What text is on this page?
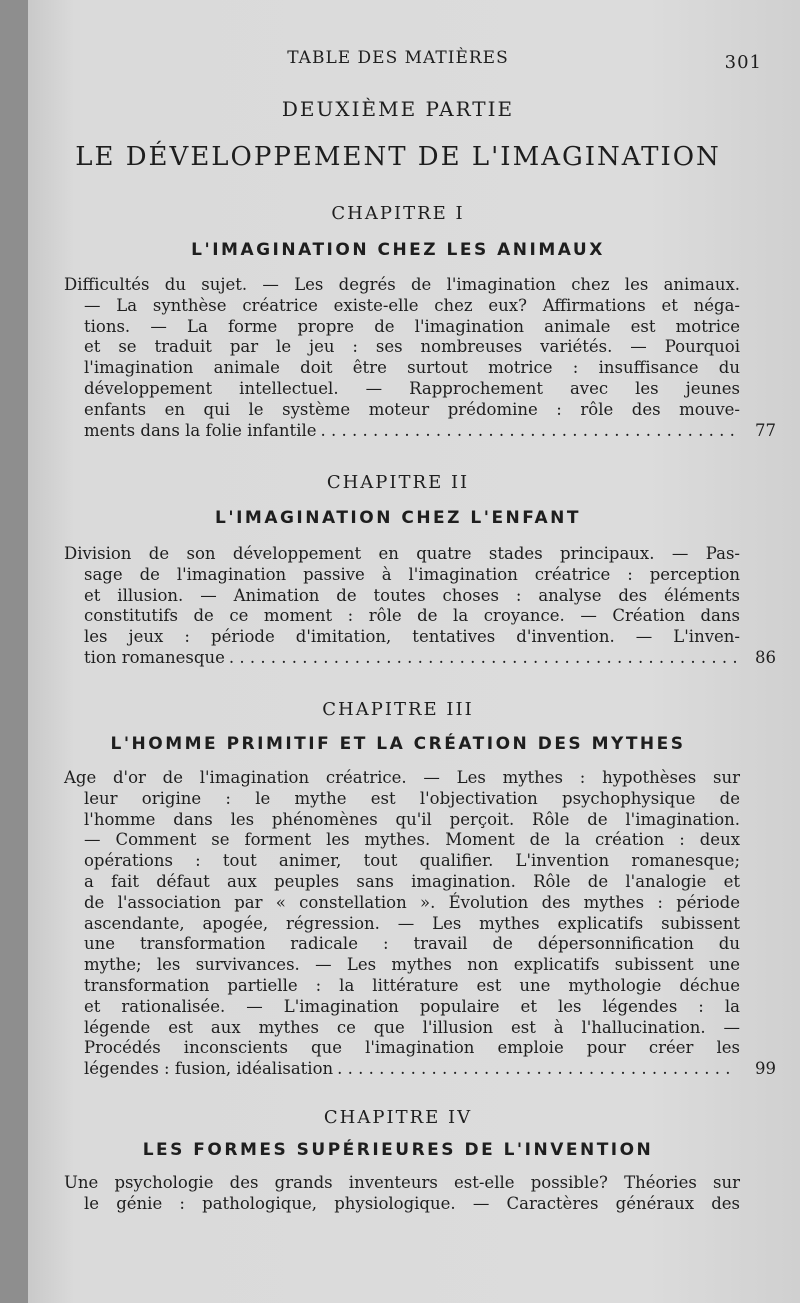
TABLE DES MATIÈRES	301
DEUXIÈME PARTIE
LE DÉVELOPPEMENT DE L'IMAGINATION
CHAPITRE I
L'IMAGINATION CHEZ LES ANIMAUX
Difficultés du sujet. — Les degrés de l'imagination chez les animaux.
— La synthèse créatrice existe-elle chez eux? Affirmations et néga-
tions. — La forme propre de l'imagination animale est motrice
et se traduit par le jeu : ses nombreuses variétés. — Pourquoi
l'imagination animale doit être surtout motrice : insuffisance du
développement intellectuel. — Rapprochement avec les jeunes
enfants en qui le système moteur prédomine : rôle des mouve-
ments dans la folie infantile . . .	77
CHAPITRE II
L'IMAGINATION CHEZ L'ENFANT
Division de son développement en quatre stades principaux. — Pas-
sage de l'imagination passive à l'imagination créatrice : perception
et illusion. — Animation de toutes choses : analyse des éléments
constitutifs de ce moment : rôle de la croyance. — Création dans
les jeux : période d'imitation, tentatives d'invention. — L'inven-
tion romanesque . . .	86
CHAPITRE III
L'HOMME PRIMITIF ET LA CRÉATION DES MYTHES
Age d'or de l'imagination créatrice. — Les mythes : hypothèses sur
leur origine : le mythe est l'objectivation psychophysique de
l'homme dans les phénomènes qu'il perçoit. Rôle de l'imagination.
— Comment se forment les mythes. Moment de la création : deux
opérations : tout animer, tout qualifier. L'invention romanesque;
a fait défaut aux peuples sans imagination. Rôle de l'analogie et
de l'association par « constellation ». Évolution des mythes : période
ascendante, apogée, régression. — Les mythes explicatifs subissent
une transformation radicale : travail de dépersonnification du
mythe; les survivances. — Les mythes non explicatifs subissent une
transformation partielle : la littérature est une mythologie déchue
et rationalisée. — L'imagination populaire et les légendes : la
légende est aux mythes ce que l'illusion est à l'hallucination. —
Procédés inconscients que l'imagination emploie pour créer les
légendes : fusion, idéalisation . . .	99
CHAPITRE IV
LES FORMES SUPÉRIEURES DE L'INVENTION
Une psychologie des grands inventeurs est-elle possible? Théories sur
le génie : pathologique, physiologique. — Caractères généraux des
